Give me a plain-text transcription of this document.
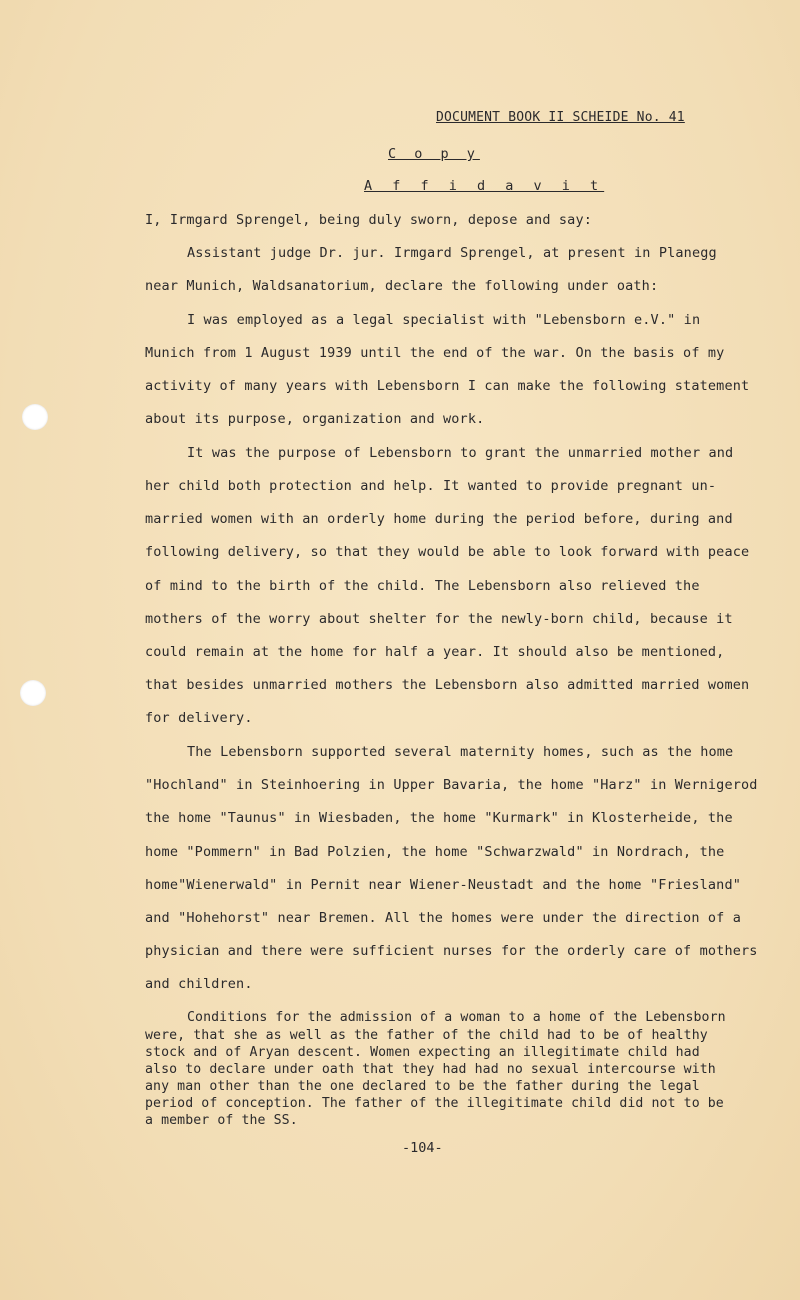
DOCUMENT BOOK II SCHEIDE No. 41
C o p y
A f f i d a v i t
I, Irmgard Sprengel, being duly sworn, depose and say:
Assistant judge Dr. jur. Irmgard Sprengel, at present in Planegg
near Munich, Waldsanatorium, declare the following under oath:
I was employed as a legal specialist with "Lebensborn e.V." in
Munich from 1 August 1939 until the end of the war. On the basis of my
activity of many years with Lebensborn I can make the following statement
about its purpose, organization and work.
It was the purpose of Lebensborn to grant the unmarried mother and
her child both protection and help. It wanted to provide pregnant un-
married women with an orderly home during the period before, during and
following delivery, so that they would be able to look forward with peace
of mind to the birth of the child. The Lebensborn also relieved the
mothers of the worry about shelter for the newly-born child, because it
could remain at the home for half a year. It should also be mentioned,
that besides unmarried mothers the Lebensborn also admitted married women
for delivery.
The Lebensborn supported several maternity homes, such as the home
"Hochland" in Steinhoering in Upper Bavaria, the home "Harz" in Wernigerod
the home "Taunus" in Wiesbaden, the home "Kurmark" in Klosterheide, the
home "Pommern" in Bad Polzien, the home "Schwarzwald" in Nordrach, the
home"Wienerwald" in Pernit near Wiener-Neustadt and the home "Friesland"
and "Hohehorst" near Bremen. All the homes were under the direction of a
physician and there were sufficient nurses for the orderly care of mothers
and children.
Conditions for the admission of a woman to a home of the Lebensborn
were, that she as well as the father of the child had to be of healthy
stock and of Aryan descent. Women expecting an illegitimate child had
also to declare under oath that they had had no sexual intercourse with
any man other than the one declared to be the father during the legal
period of conception. The father of the illegitimate child did not to be
a member of the SS.
-104-
